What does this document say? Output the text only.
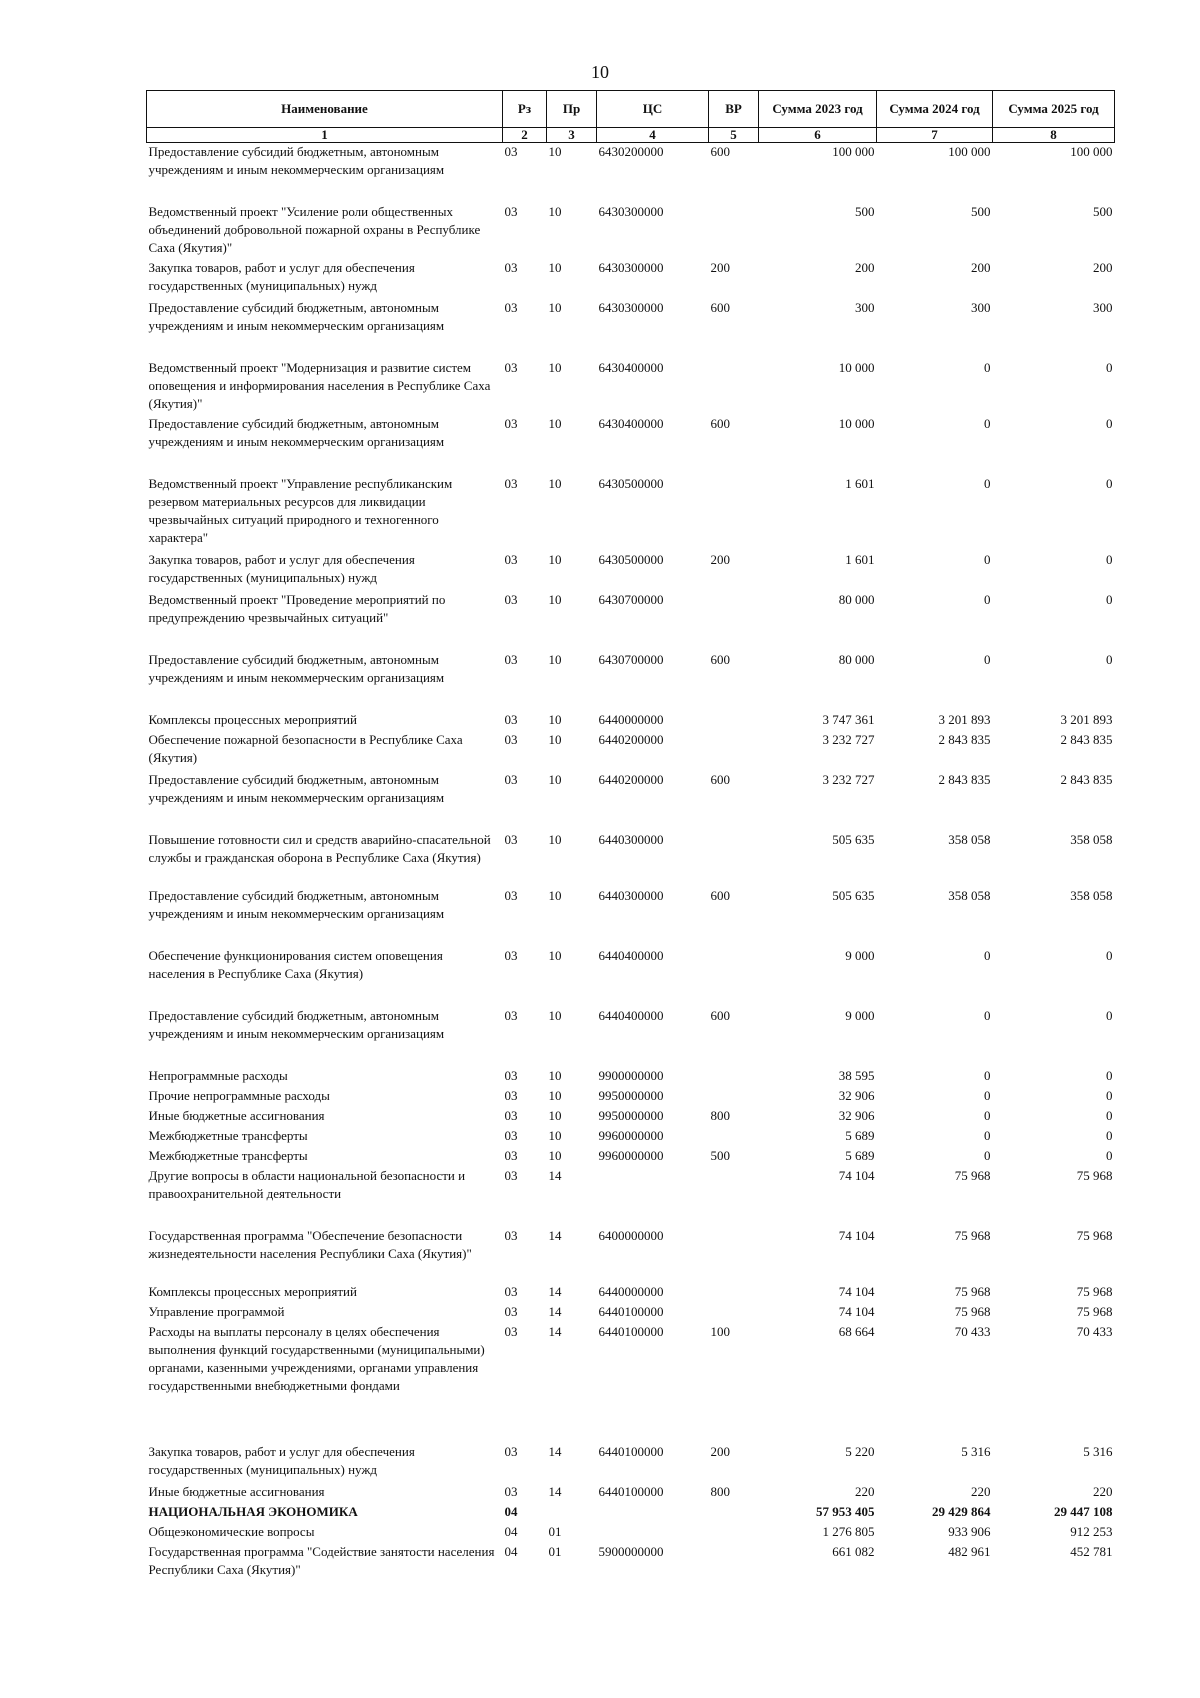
10
Наименование	Рз	Пр	ЦС	ВР	Сумма 2023 год	Сумма 2024 год	Сумма 2025 год
1	2	3	4	5	6	7	8
Предоставление субсидий бюджетным, автономным учреждениям и иным некоммерческим организациям	03	10	6430200000	600	100 000	100 000	100 000
Ведомственный проект "Усиление роли общественных объединений добровольной пожарной охраны в Республике Саха (Якутия)"	03	10	6430300000		500	500	500
Закупка товаров, работ и услуг для обеспечения государственных (муниципальных) нужд	03	10	6430300000	200	200	200	200
Предоставление субсидий бюджетным, автономным учреждениям и иным некоммерческим организациям	03	10	6430300000	600	300	300	300
Ведомственный проект "Модернизация и развитие систем оповещения и информирования населения в Республике Саха (Якутия)"	03	10	6430400000		10 000	0	0
Предоставление субсидий бюджетным, автономным учреждениям и иным некоммерческим организациям	03	10	6430400000	600	10 000	0	0
Ведомственный проект "Управление республиканским резервом материальных ресурсов для ликвидации чрезвычайных ситуаций природного и техногенного характера"	03	10	6430500000		1 601	0	0
Закупка товаров, работ и услуг для обеспечения государственных (муниципальных) нужд	03	10	6430500000	200	1 601	0	0
Ведомственный проект "Проведение мероприятий по предупреждению чрезвычайных ситуаций"	03	10	6430700000		80 000	0	0
Предоставление субсидий бюджетным, автономным учреждениям и иным некоммерческим организациям	03	10	6430700000	600	80 000	0	0
Комплексы процессных мероприятий	03	10	6440000000		3 747 361	3 201 893	3 201 893
Обеспечение пожарной безопасности в Республике Саха (Якутия)	03	10	6440200000		3 232 727	2 843 835	2 843 835
Предоставление субсидий бюджетным, автономным учреждениям и иным некоммерческим организациям	03	10	6440200000	600	3 232 727	2 843 835	2 843 835
Повышение готовности сил и средств аварийно-спасательной службы и гражданская оборона в Республике Саха (Якутия)	03	10	6440300000		505 635	358 058	358 058
Предоставление субсидий бюджетным, автономным учреждениям и иным некоммерческим организациям	03	10	6440300000	600	505 635	358 058	358 058
Обеспечение функционирования систем оповещения населения в Республике Саха (Якутия)	03	10	6440400000		9 000	0	0
Предоставление субсидий бюджетным, автономным учреждениям и иным некоммерческим организациям	03	10	6440400000	600	9 000	0	0
Непрограммные расходы	03	10	9900000000		38 595	0	0
Прочие непрограммные расходы	03	10	9950000000		32 906	0	0
Иные бюджетные ассигнования	03	10	9950000000	800	32 906	0	0
Межбюджетные трансферты	03	10	9960000000		5 689	0	0
Межбюджетные трансферты	03	10	9960000000	500	5 689	0	0
Другие вопросы в области национальной безопасности и правоохранительной деятельности	03	14			74 104	75 968	75 968
Государственная программа "Обеспечение безопасности жизнедеятельности населения Республики Саха (Якутия)"	03	14	6400000000		74 104	75 968	75 968
Комплексы процессных мероприятий	03	14	6440000000		74 104	75 968	75 968
Управление программой	03	14	6440100000		74 104	75 968	75 968
Расходы на выплаты персоналу в целях обеспечения выполнения функций государственными (муниципальными) органами, казенными учреждениями, органами управления государственными внебюджетными фондами	03	14	6440100000	100	68 664	70 433	70 433
Закупка товаров, работ и услуг для обеспечения государственных (муниципальных) нужд	03	14	6440100000	200	5 220	5 316	5 316
Иные бюджетные ассигнования	03	14	6440100000	800	220	220	220
НАЦИОНАЛЬНАЯ ЭКОНОМИКА	04				57 953 405	29 429 864	29 447 108
Общеэкономические вопросы	04	01			1 276 805	933 906	912 253
Государственная программа "Содействие занятости населения Республики Саха (Якутия)"	04	01	5900000000		661 082	482 961	452 781
